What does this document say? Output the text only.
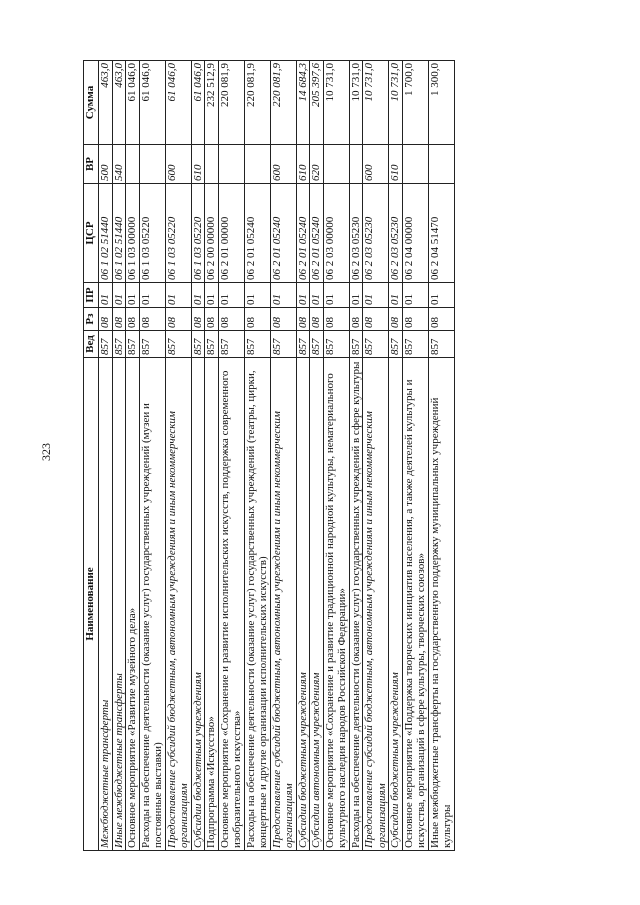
323
Наименование	Вед	Рз	ПР	ЦСР	ВР	Сумма
Межбюджетные трансферты	857	08	01	06 1 02 51440	500	463,0
Иные межбюджетные трансферты	857	08	01	06 1 02 51440	540	463,0
Основное мероприятие «Развитие музейного дела»	857	08	01	06 1 03 00000		61 046,0
Расходы на обеспечение деятельности (оказание услуг) государственных учреждений (музеи и постоянные выставки)	857	08	01	06 1 03 05220		61 046,0
Предоставление субсидий бюджетным, автономным учреждениям и иным некоммерческим организациям	857	08	01	06 1 03 05220	600	61 046,0
Субсидии бюджетным учреждениям	857	08	01	06 1 03 05220	610	61 046,0
Подпрограмма «Искусство»	857	08	01	06 2 00 00000		232 512,9
Основное мероприятие «Сохранение и развитие исполнительских искусств, поддержка современного изобразительного искусства»	857	08	01	06 2 01 00000		220 081,9
Расходы на обеспечение деятельности (оказание услуг) государственных учреждений (театры, цирки, концертные и другие организации исполнительских искусств)	857	08	01	06 2 01 05240		220 081,9
Предоставление субсидий бюджетным, автономным учреждениям и иным некоммерческим организациям	857	08	01	06 2 01 05240	600	220 081,9
Субсидии бюджетным учреждениям	857	08	01	06 2 01 05240	610	14 684,3
Субсидии автономным учреждениям	857	08	01	06 2 01 05240	620	205 397,6
Основное мероприятие «Сохранение и развитие традиционной народной культуры, нематериального культурного наследия народов Российской Федерации»	857	08	01	06 2 03 00000		10 731,0
Расходы на обеспечение деятельности (оказание услуг) государственных учреждений в сфере культуры	857	08	01	06 2 03 05230		10 731,0
Предоставление субсидий бюджетным, автономным учреждениям и иным некоммерческим организациям	857	08	01	06 2 03 05230	600	10 731,0
Субсидии бюджетным учреждениям	857	08	01	06 2 03 05230	610	10 731,0
Основное мероприятие «Поддержка творческих инициатив населения, а также деятелей культуры и искусства, организаций в сфере культуры, творческих союзов»	857	08	01	06 2 04 00000		1 700,0
Иные межбюджетные трансферты на государственную поддержку муниципальных учреждений культуры	857	08	01	06 2 04 51470		1 300,0
